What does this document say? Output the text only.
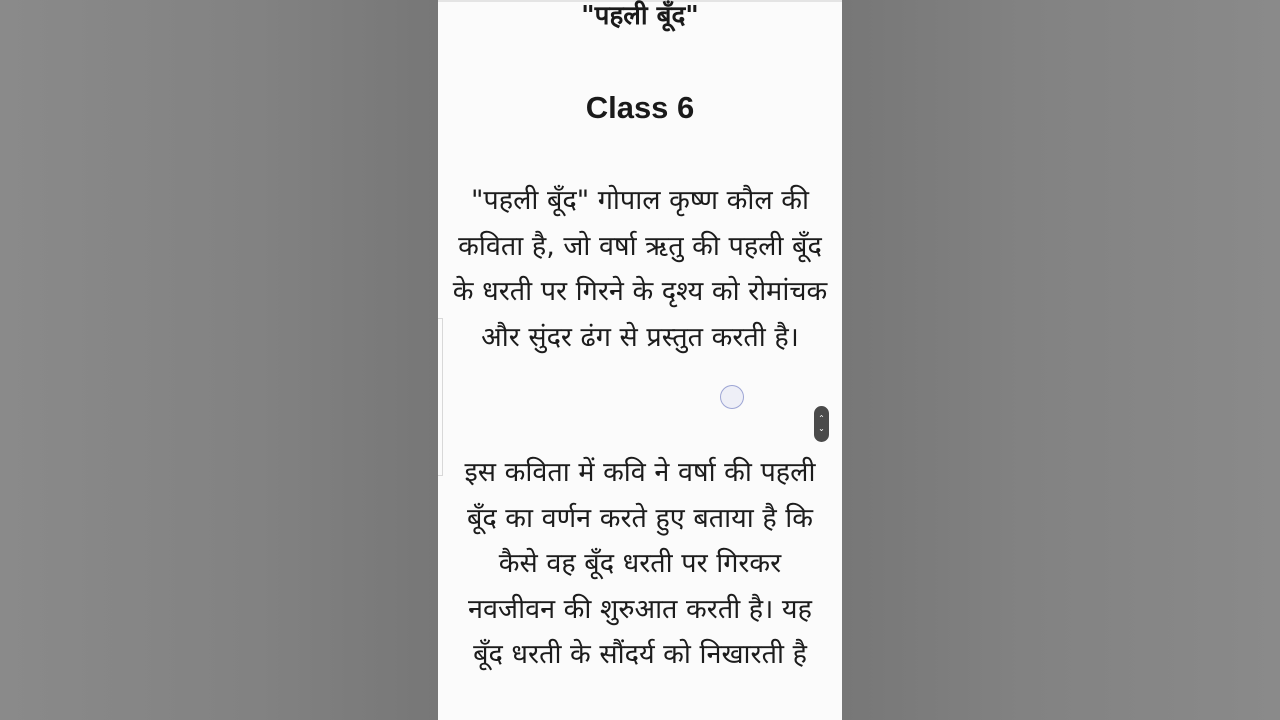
"पहली बूँद"
Class 6

"पहली बूँद" गोपाल कृष्ण कौल की कविता है, जो वर्षा ऋतु की पहली बूँद के धरती पर गिरने के दृश्य को रोमांचक और सुंदर ढंग से प्रस्तुत करती है।

इस कविता में कवि ने वर्षा की पहली बूँद का वर्णन करते हुए बताया है कि कैसे वह बूँद धरती पर गिरकर नवजीवन की शुरुआत करती है। यह बूँद धरती के सौंदर्य को निखारती है

⌃
⌄
